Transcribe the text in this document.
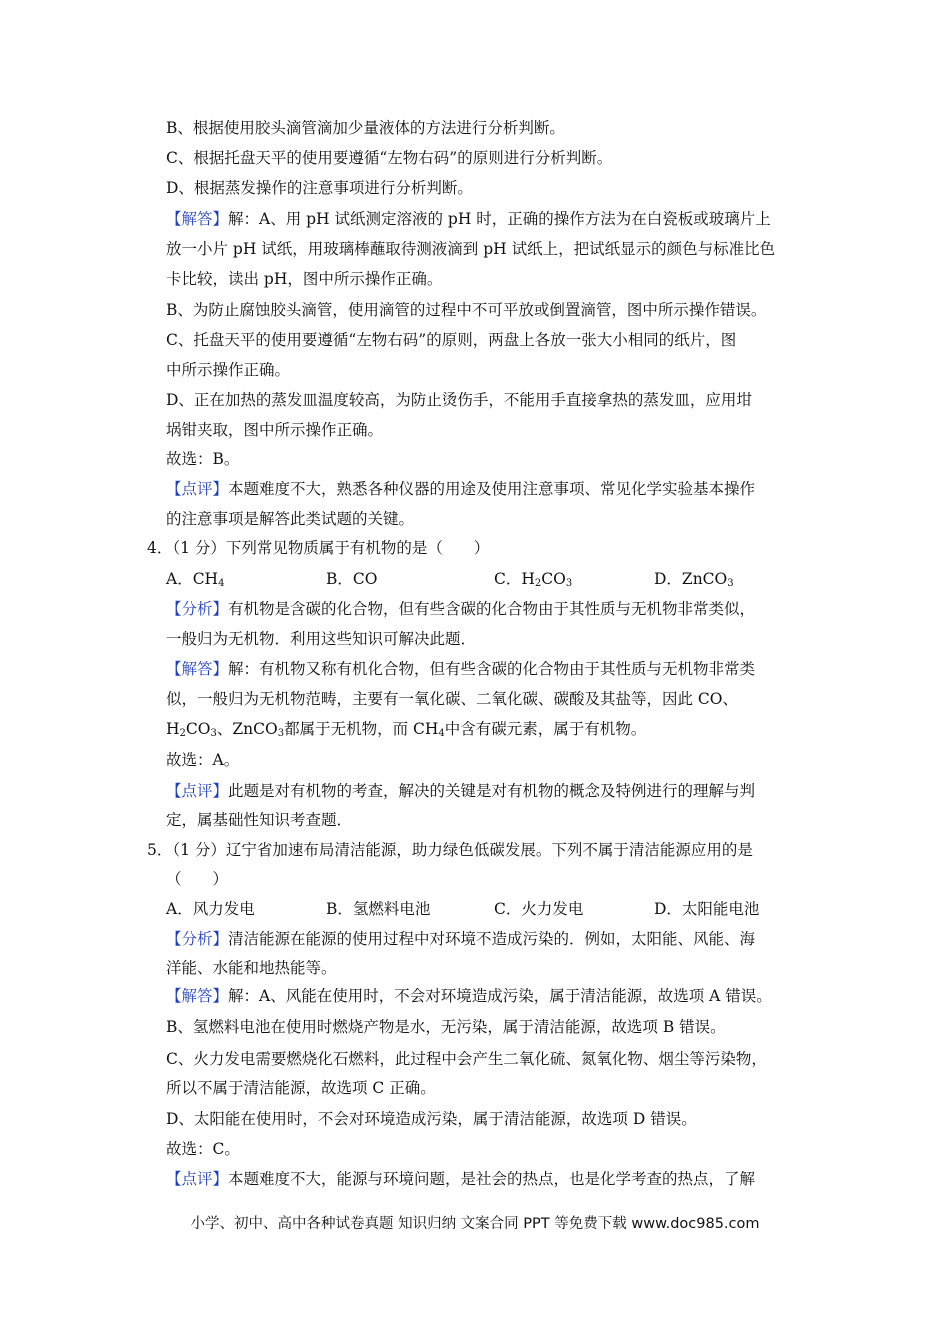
B、根据使用胶头滴管滴加少量液体的方法进行分析判断。
C、根据托盘天平的使用要遵循“左物右码”的原则进行分析判断。
D、根据蒸发操作的注意事项进行分析判断。
【解答】解：A、用 pH 试纸测定溶液的 pH 时，正确的操作方法为在白瓷板或玻璃片上
放一小片 pH 试纸，用玻璃棒蘸取待测液滴到 pH 试纸上，把试纸显示的颜色与标准比色
卡比较，读出 pH，图中所示操作正确。
B、为防止腐蚀胶头滴管，使用滴管的过程中不可平放或倒置滴管，图中所示操作错误。
C、托盘天平的使用要遵循“左物右码”的原则，两盘上各放一张大小相同的纸片，图
中所示操作正确。
D、正在加热的蒸发皿温度较高，为防止烫伤手，不能用手直接拿热的蒸发皿，应用坩
埚钳夹取，图中所示操作正确。
故选：B。
【点评】本题难度不大，熟悉各种仪器的用途及使用注意事项、常见化学实验基本操作
的注意事项是解答此类试题的关键。
4．（1 分）下列常见物质属于有机物的是（　　）
A．$CH_4$	B．CO	C．$H_2CO_3$	D．ZnCO$_3$
【分析】有机物是含碳的化合物，但有些含碳的化合物由于其性质与无机物非常类似，
一般归为无机物．利用这些知识可解决此题．
【解答】解：有机物又称有机化合物，但有些含碳的化合物由于其性质与无机物非常类
似，一般归为无机物范畴，主要有一氧化碳、二氧化碳、碳酸及其盐等，因此 CO、
$H_2CO_3$、ZnCO$_3$都属于无机物，而 $CH_4$中含有碳元素，属于有机物。
故选：A。
【点评】此题是对有机物的考查，解决的关键是对有机物的概念及特例进行的理解与判
定，属基础性知识考查题．
5．（1 分）辽宁省加速布局清洁能源，助力绿色低碳发展。下列不属于清洁能源应用的是
（　　）
A．风力发电	B．氢燃料电池	C．火力发电	D．太阳能电池
【分析】清洁能源在能源的使用过程中对环境不造成污染的．例如，太阳能、风能、海
洋能、水能和地热能等。
【解答】解：A、风能在使用时，不会对环境造成污染，属于清洁能源，故选项 A 错误。
B、氢燃料电池在使用时燃烧产物是水，无污染，属于清洁能源，故选项 B 错误。
C、火力发电需要燃烧化石燃料，此过程中会产生二氧化硫、氮氧化物、烟尘等污染物，
所以不属于清洁能源，故选项 C 正确。
D、太阳能在使用时，不会对环境造成污染，属于清洁能源，故选项 D 错误。
故选：C。
【点评】本题难度不大，能源与环境问题，是社会的热点，也是化学考查的热点，了解
小学、初中、高中各种试卷真题 知识归纳 文案合同 PPT 等免费下载 www.doc985.com
